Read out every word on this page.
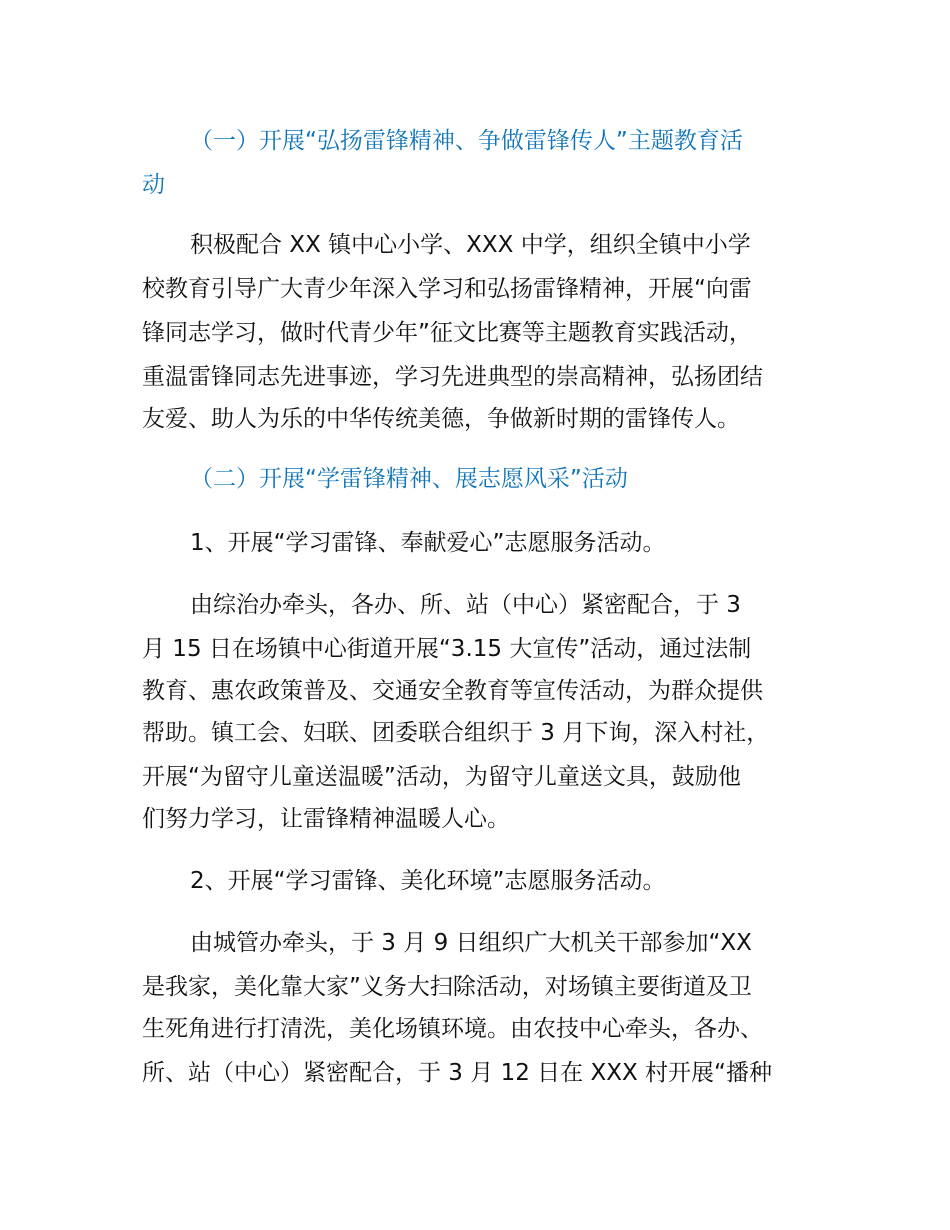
（一）开展“弘扬雷锋精神、争做雷锋传人”主题教育活

动

积极配合 XX 镇中心小学、XXX 中学，组织全镇中小学

校教育引导广大青少年深入学习和弘扬雷锋精神，开展“向雷

锋同志学习，做时代青少年”征文比赛等主题教育实践活动，

重温雷锋同志先进事迹，学习先进典型的崇高精神，弘扬团结

友爱、助人为乐的中华传统美德，争做新时期的雷锋传人。

（二）开展“学雷锋精神、展志愿风采”活动

1、开展“学习雷锋、奉献爱心”志愿服务活动。

由综治办牵头，各办、所、站（中心）紧密配合，于 3

月 15 日在场镇中心街道开展“3.15 大宣传”活动，通过法制

教育、惠农政策普及、交通安全教育等宣传活动，为群众提供

帮助。镇工会、妇联、团委联合组织于 3 月下询，深入村社，

开展“为留守儿童送温暖”活动，为留守儿童送文具，鼓励他

们努力学习，让雷锋精神温暖人心。

2、开展“学习雷锋、美化环境”志愿服务活动。

由城管办牵头，于 3 月 9 日组织广大机关干部参加“XX

是我家，美化靠大家”义务大扫除活动，对场镇主要街道及卫

生死角进行打清洗，美化场镇环境。由农技中心牵头，各办、

所、站（中心）紧密配合，于 3 月 12 日在 XXX 村开展“播种
